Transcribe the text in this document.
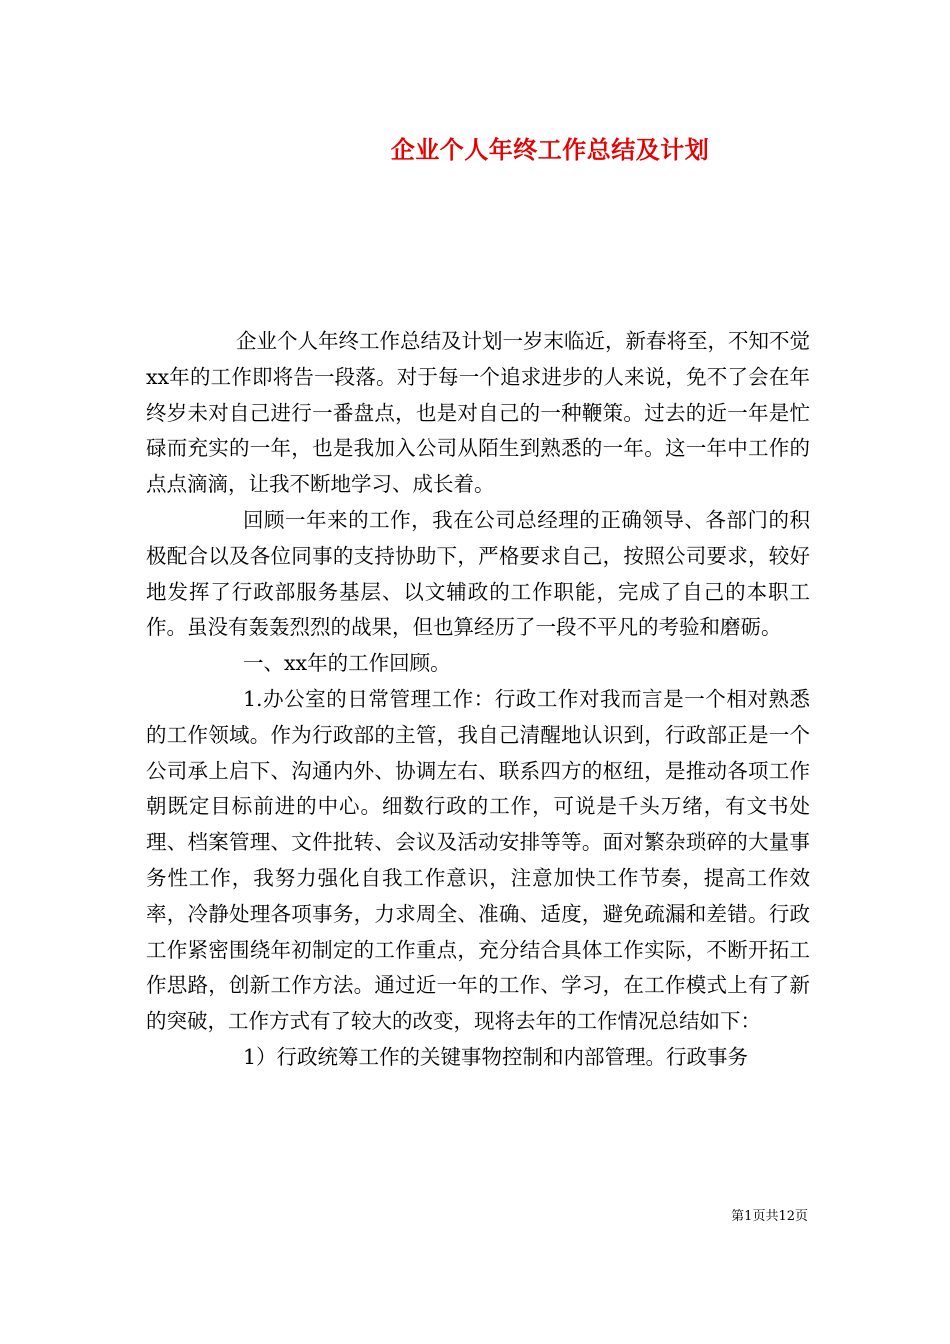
企业个人年终工作总结及计划

企业个人年终工作总结及计划一岁末临近，新春将至，不知不觉xx年的工作即将告一段落。对于每一个追求进步的人来说，免不了会在年终岁未对自己进行一番盘点，也是对自己的一种鞭策。过去的近一年是忙碌而充实的一年，也是我加入公司从陌生到熟悉的一年。这一年中工作的点点滴滴，让我不断地学习、成长着。

回顾一年来的工作，我在公司总经理的正确领导、各部门的积极配合以及各位同事的支持协助下，严格要求自己，按照公司要求，较好地发挥了行政部服务基层、以文辅政的工作职能，完成了自己的本职工作。虽没有轰轰烈烈的战果，但也算经历了一段不平凡的考验和磨砺。

一、xx年的工作回顾。

1.办公室的日常管理工作：行政工作对我而言是一个相对熟悉的工作领域。作为行政部的主管，我自己清醒地认识到，行政部正是一个公司承上启下、沟通内外、协调左右、联系四方的枢纽，是推动各项工作朝既定目标前进的中心。细数行政的工作，可说是千头万绪，有文书处理、档案管理、文件批转、会议及活动安排等等。面对繁杂琐碎的大量事务性工作，我努力强化自我工作意识，注意加快工作节奏，提高工作效率，冷静处理各项事务，力求周全、准确、适度，避免疏漏和差错。行政工作紧密围绕年初制定的工作重点，充分结合具体工作实际，不断开拓工作思路，创新工作方法。通过近一年的工作、学习，在工作模式上有了新的突破，工作方式有了较大的改变，现将去年的工作情况总结如下：

1）行政统筹工作的关键事物控制和内部管理。行政事务

第1页共12页
